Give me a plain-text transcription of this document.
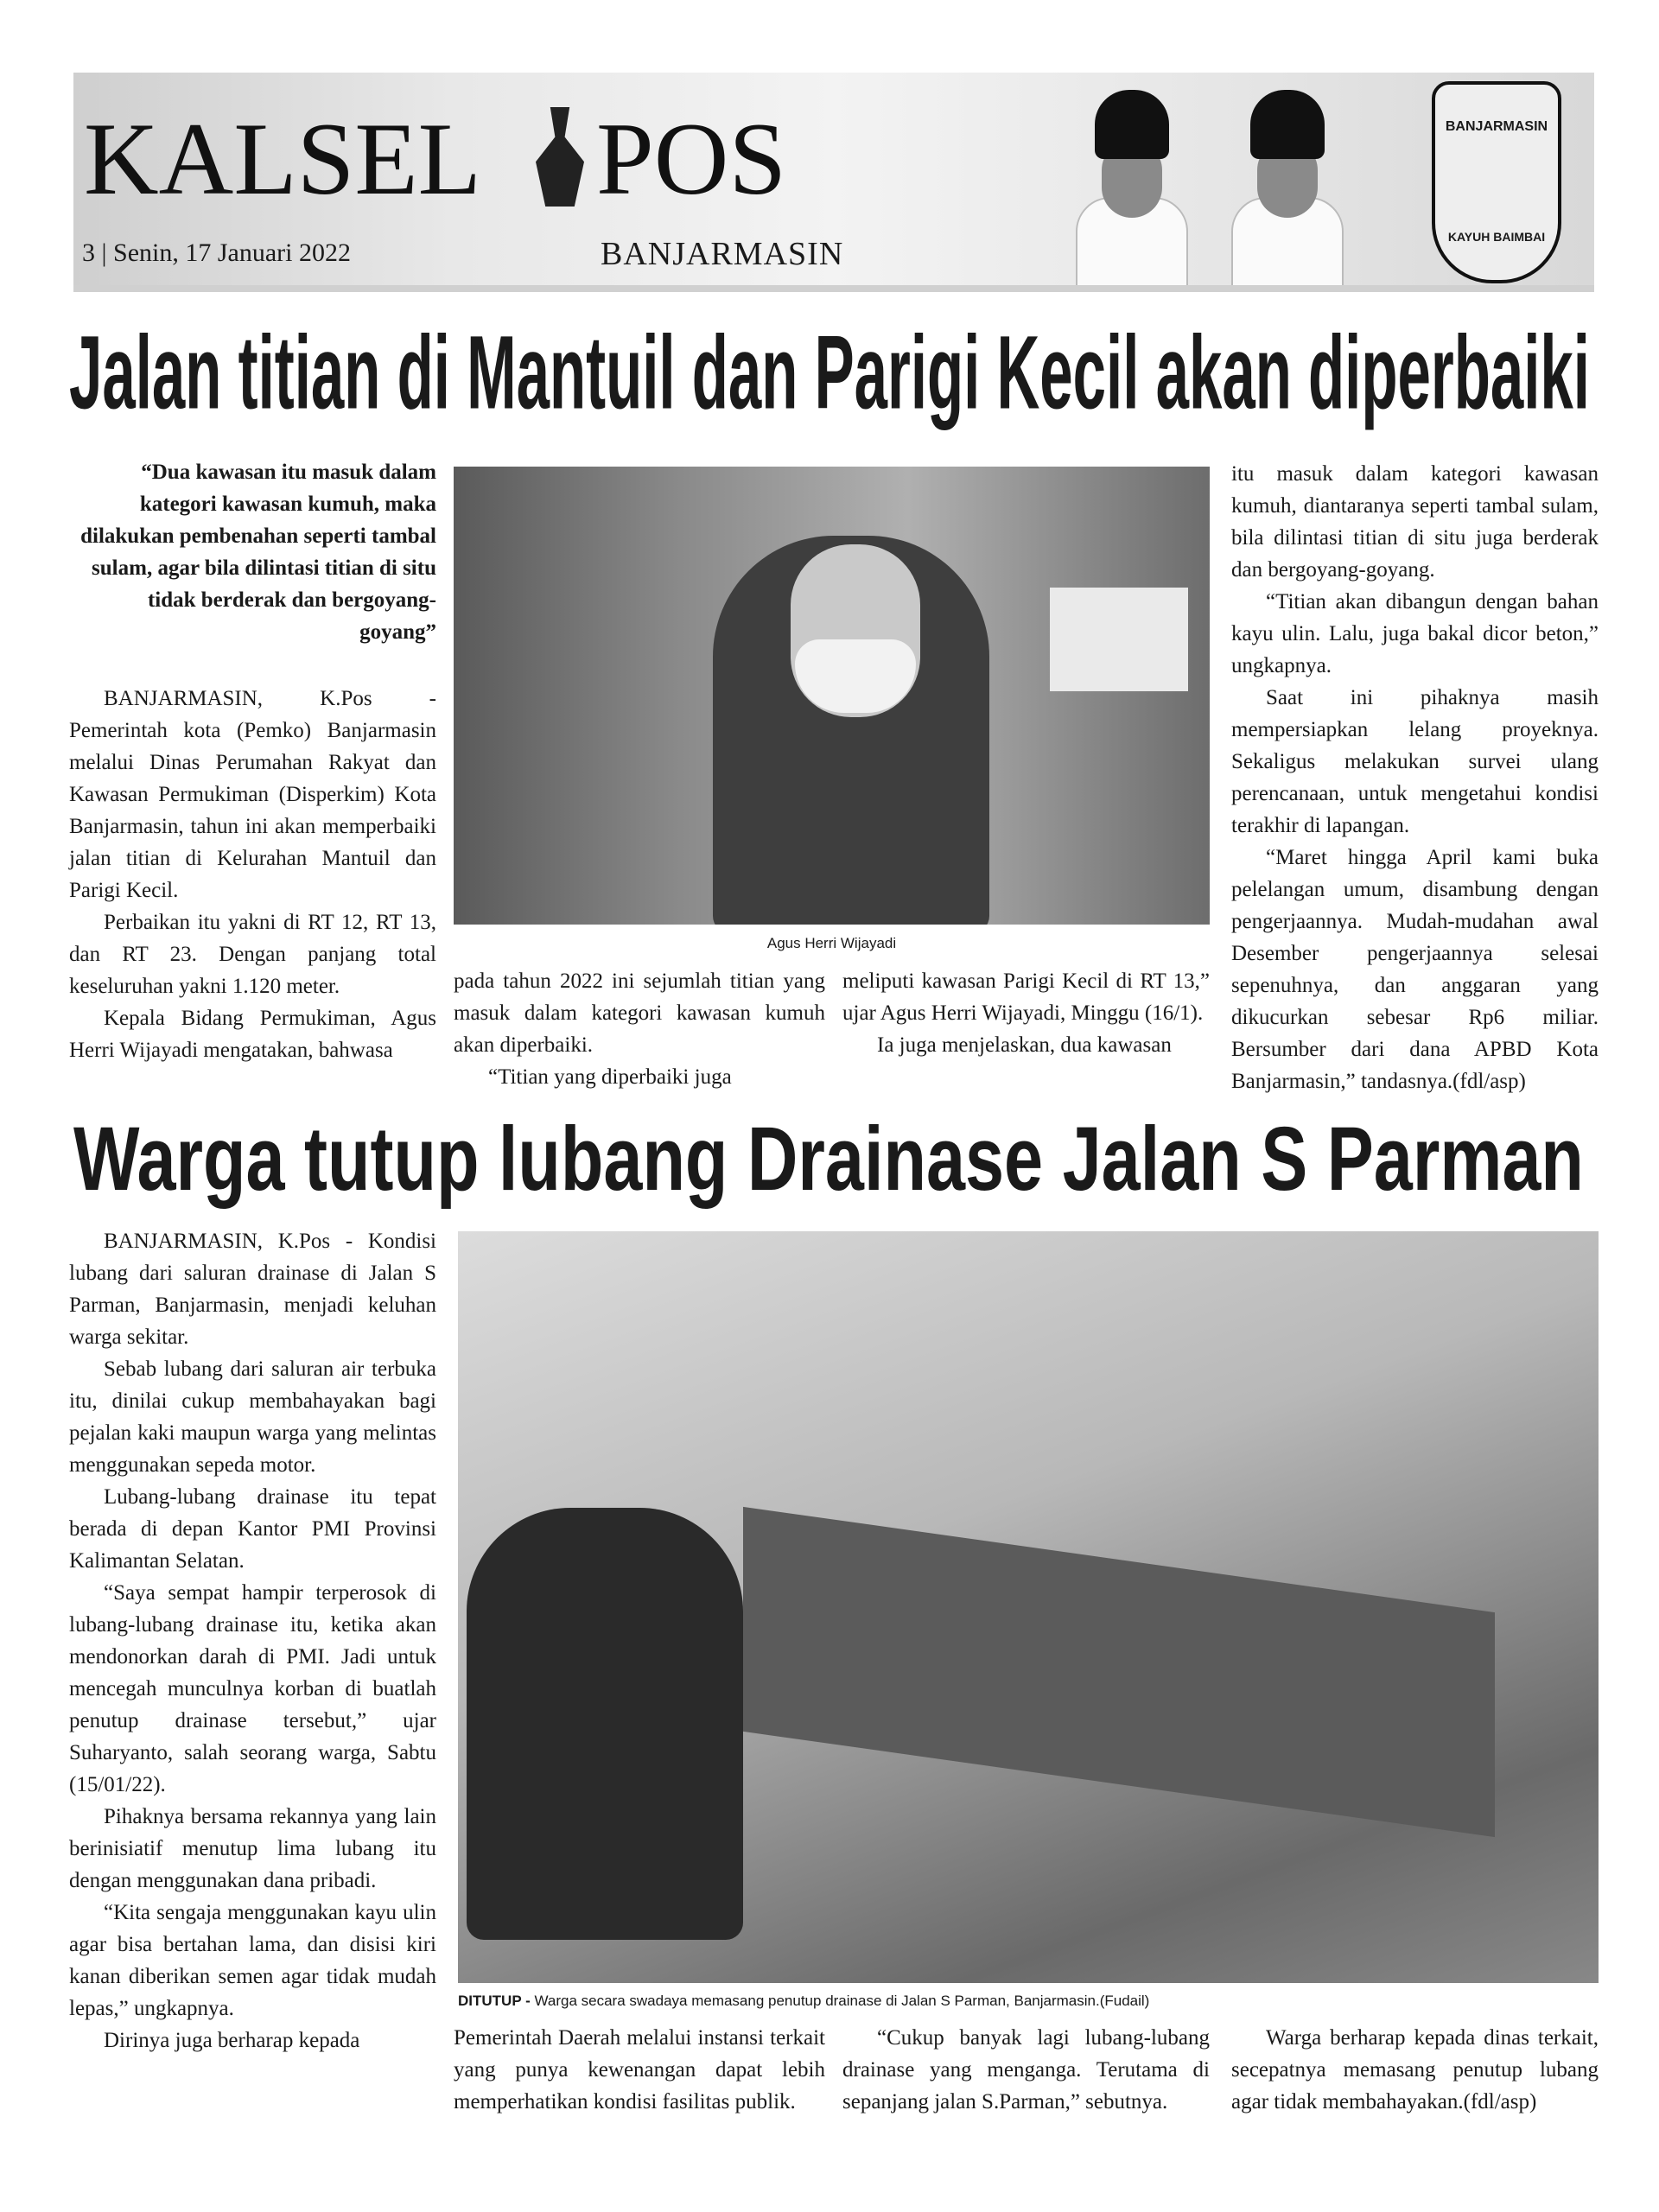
KALSEL POS
3 | Senin, 17 Januari 2022	BANJARMASIN
BANJARMASIN
KAYUH BAIMBAI
Jalan titian di Mantuil dan Parigi Kecil akan diperbaiki
“Dua kawasan itu masuk dalam kategori kawasan kumuh, maka dilakukan pembenahan seperti tambal sulam, agar bila dilintasi titian di situ tidak berderak dan bergoyang-goyang”

BANJARMASIN, K.Pos - Pemerintah kota (Pemko) Banjarmasin melalui Dinas Perumahan Rakyat dan Kawasan Permukiman (Disperkim) Kota Banjarmasin, tahun ini akan memperbaiki jalan titian di Kelurahan Mantuil dan Parigi Kecil.

Perbaikan itu yakni di RT 12, RT 13, dan RT 23. Dengan panjang total keseluruhan yakni 1.120 meter.

Kepala Bidang Permukiman, Agus Herri Wijayadi mengatakan, bahwasa

Agus Herri Wijayadi

pada tahun 2022 ini sejumlah titian yang masuk dalam kategori kawasan kumuh akan diperbaiki.

“Titian yang diperbaiki juga

meliputi kawasan Parigi Kecil di RT 13,” ujar Agus Herri Wijayadi, Minggu (16/1).

Ia juga menjelaskan, dua kawasan

itu masuk dalam kategori kawasan kumuh, diantaranya seperti tambal sulam, bila dilintasi titian di situ juga berderak dan bergoyang-goyang.

“Titian akan dibangun dengan bahan kayu ulin. Lalu, juga bakal dicor beton,” ungkapnya.

Saat ini pihaknya masih mempersiapkan lelang proyeknya. Sekaligus melakukan survei ulang perencanaan, untuk mengetahui kondisi terakhir di lapangan.

“Maret hingga April kami buka pelelangan umum, disambung dengan pengerjaannya. Mudah-mudahan awal Desember pengerjaannya selesai sepenuhnya, dan anggaran yang dikucurkan sebesar Rp6 miliar. Bersumber dari dana APBD Kota Banjarmasin,” tandasnya.(fdl/asp)

Warga tutup lubang Drainase Jalan S Parman

BANJARMASIN, K.Pos - Kondisi lubang dari saluran drainase di Jalan S Parman, Banjarmasin, menjadi keluhan warga sekitar.

Sebab lubang dari saluran air terbuka itu, dinilai cukup membahayakan bagi pejalan kaki maupun warga yang melintas menggunakan sepeda motor.

Lubang-lubang drainase itu tepat berada di depan Kantor PMI Provinsi Kalimantan Selatan.

“Saya sempat hampir terperosok di lubang-lubang drainase itu, ketika akan mendonorkan darah di PMI. Jadi untuk mencegah munculnya korban di buatlah penutup drainase tersebut,” ujar Suharyanto, salah seorang warga, Sabtu (15/01/22).

Pihaknya bersama rekannya yang lain berinisiatif menutup lima lubang itu dengan menggunakan dana pribadi.

“Kita sengaja menggunakan kayu ulin agar bisa bertahan lama, dan disisi kiri kanan diberikan semen agar tidak mudah lepas,” ungkapnya.

Dirinya juga berharap kepada

DITUTUP - Warga secara swadaya memasang penutup drainase di Jalan S Parman, Banjarmasin.(Fudail)

Pemerintah Daerah melalui instansi terkait yang punya kewenangan dapat lebih memperhatikan kondisi fasilitas publik.

“Cukup banyak lagi lubang-lubang drainase yang menganga. Terutama di sepanjang jalan S.Parman,” sebutnya.

Warga berharap kepada dinas terkait, secepatnya memasang penutup lubang agar tidak membahayakan.(fdl/asp)
